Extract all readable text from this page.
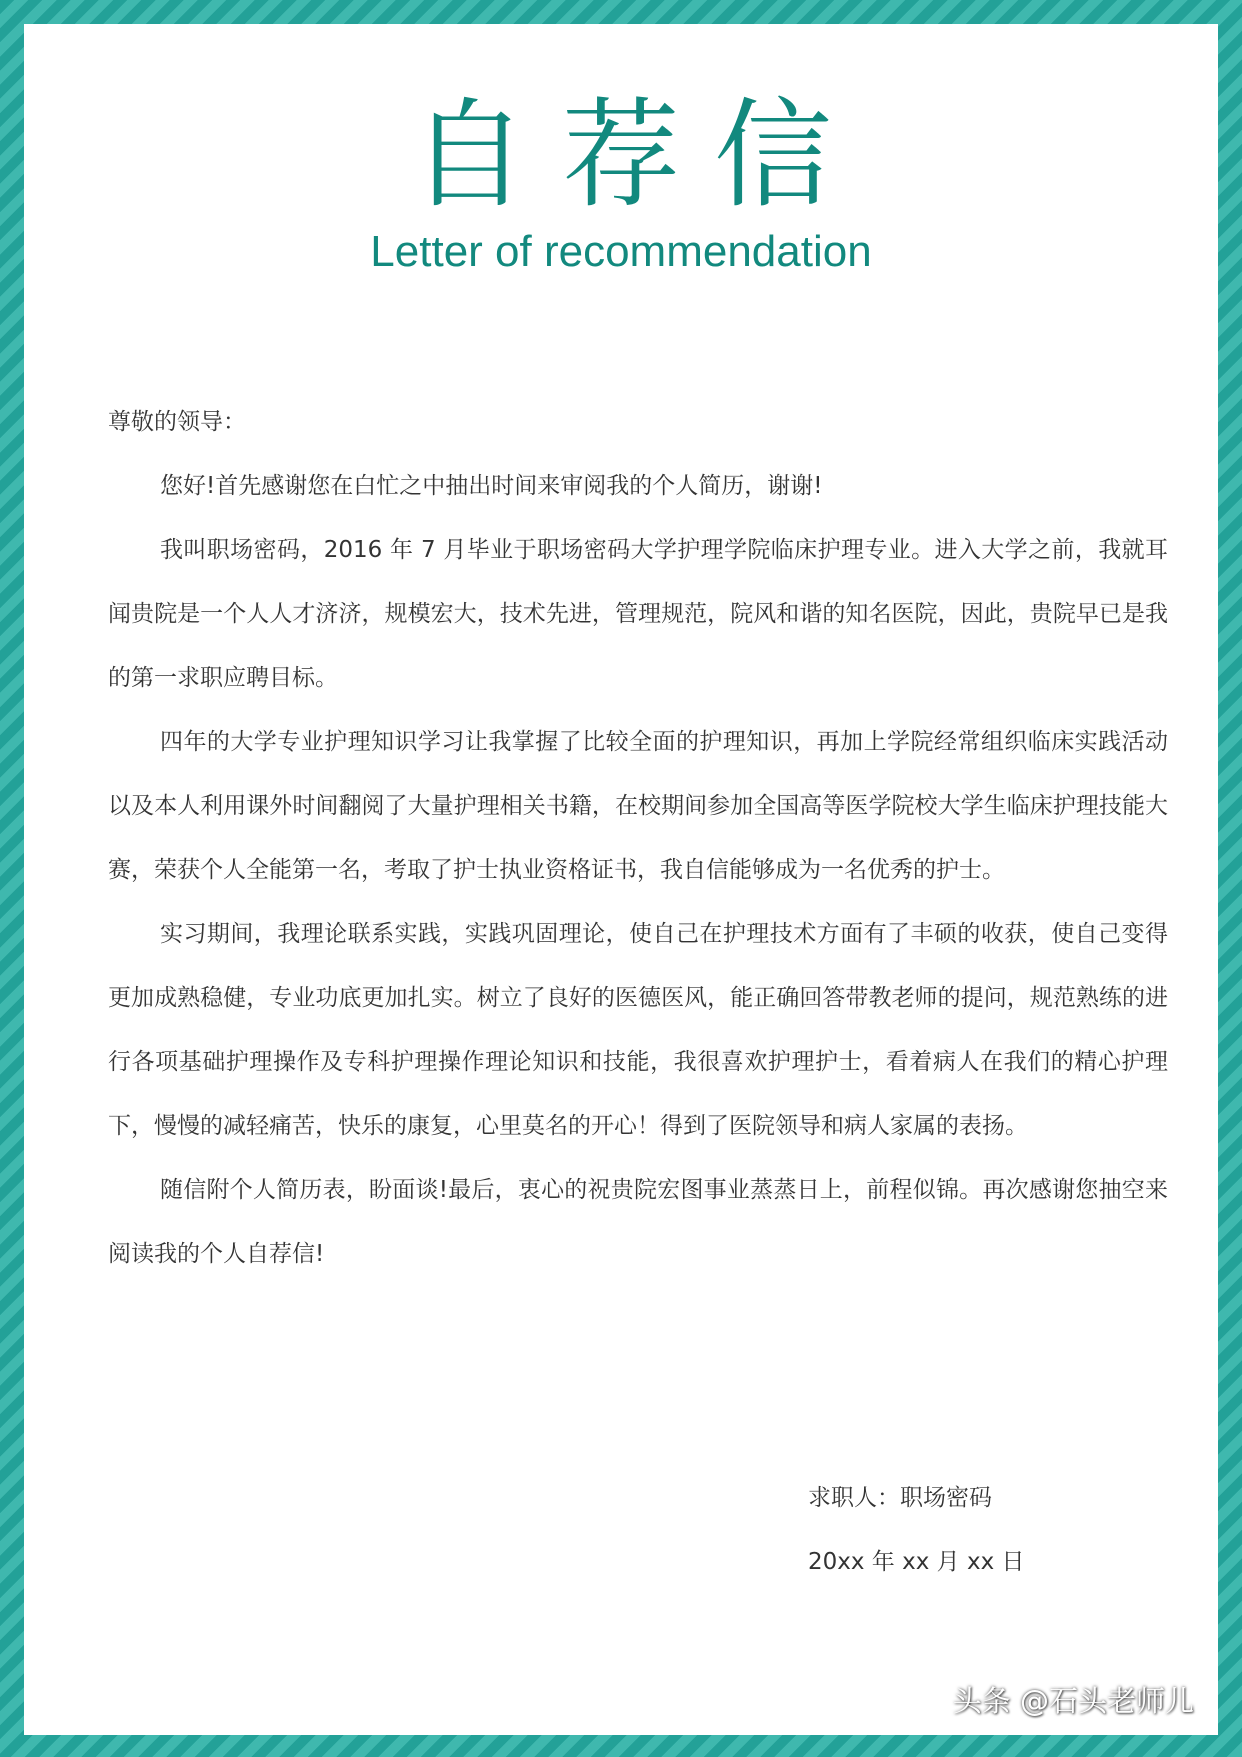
自荐信
Letter of recommendation

尊敬的领导：

您好!首先感谢您在白忙之中抽出时间来审阅我的个人简历，谢谢!

我叫职场密码，2016 年 7 月毕业于职场密码大学护理学院临床护理专业。进入大学之前，我就耳闻贵院是一个人人才济济，规模宏大，技术先进，管理规范，院风和谐的知名医院，因此，贵院早已是我的第一求职应聘目标。

四年的大学专业护理知识学习让我掌握了比较全面的护理知识，再加上学院经常组织临床实践活动以及本人利用课外时间翻阅了大量护理相关书籍，在校期间参加全国高等医学院校大学生临床护理技能大赛，荣获个人全能第一名，考取了护士执业资格证书，我自信能够成为一名优秀的护士。

实习期间，我理论联系实践，实践巩固理论，使自己在护理技术方面有了丰硕的收获，使自己变得更加成熟稳健，专业功底更加扎实。树立了良好的医德医风，能正确回答带教老师的提问，规范熟练的进行各项基础护理操作及专科护理操作理论知识和技能，我很喜欢护理护士，看着病人在我们的精心护理下，慢慢的减轻痛苦，快乐的康复，心里莫名的开心！得到了医院领导和病人家属的表扬。

随信附个人简历表，盼面谈!最后，衷心的祝贵院宏图事业蒸蒸日上，前程似锦。再次感谢您抽空来阅读我的个人自荐信!

求职人：职场密码
20xx 年 xx 月 xx 日
头条 @石头老师儿
